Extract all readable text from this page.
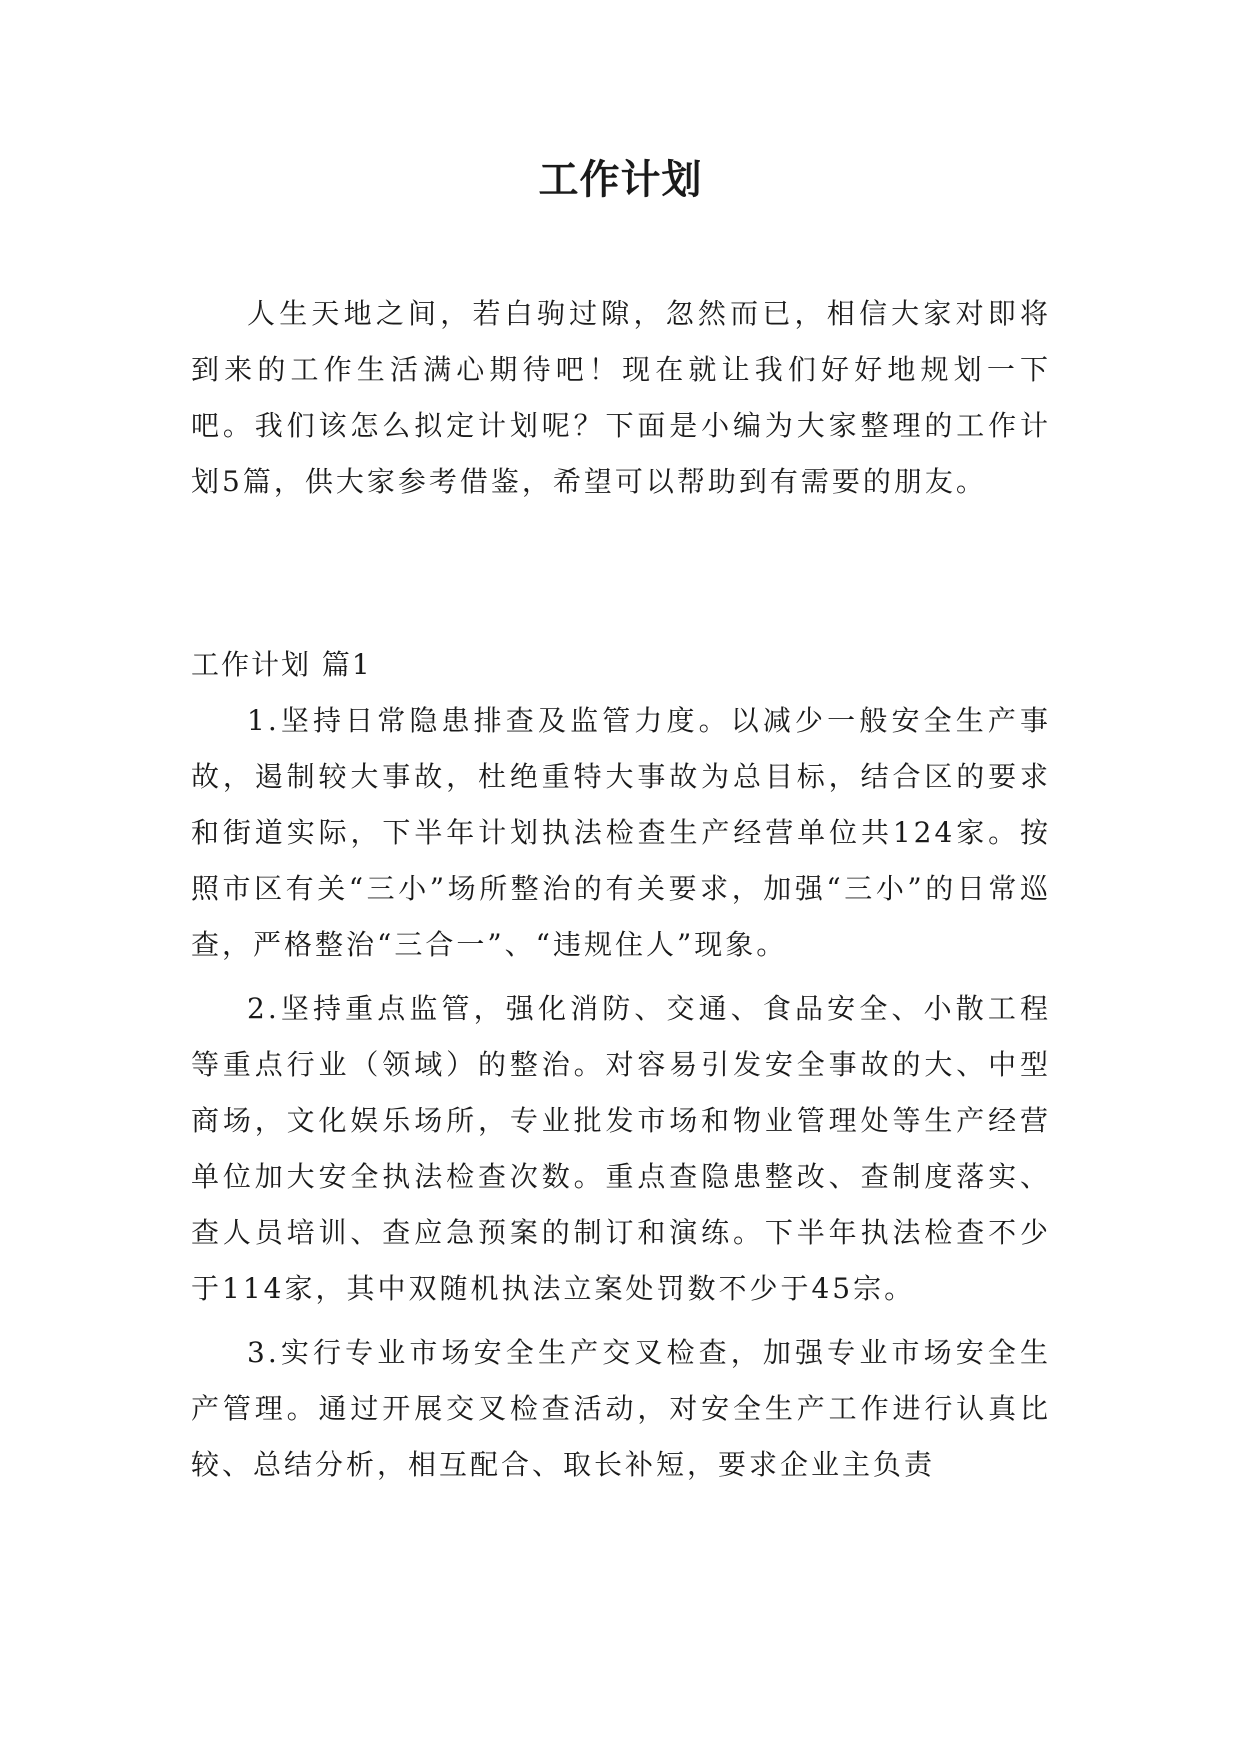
工作计划

人生天地之间，若白驹过隙，忽然而已，相信大家对即将到来的工作生活满心期待吧！现在就让我们好好地规划一下吧。我们该怎么拟定计划呢？下面是小编为大家整理的工作计划5篇，供大家参考借鉴，希望可以帮助到有需要的朋友。

工作计划 篇1

1.坚持日常隐患排查及监管力度。以减少一般安全生产事故，遏制较大事故，杜绝重特大事故为总目标，结合区的要求和街道实际，下半年计划执法检查生产经营单位共124家。按照市区有关“三小”场所整治的有关要求，加强“三小”的日常巡查，严格整治“三合一”、“违规住人”现象。

2.坚持重点监管，强化消防、交通、食品安全、小散工程等重点行业（领域）的整治。对容易引发安全事故的大、中型商场，文化娱乐场所，专业批发市场和物业管理处等生产经营单位加大安全执法检查次数。重点查隐患整改、查制度落实、查人员培训、查应急预案的制订和演练。下半年执法检查不少于114家，其中双随机执法立案处罚数不少于45宗。

3.实行专业市场安全生产交叉检查，加强专业市场安全生产管理。通过开展交叉检查活动，对安全生产工作进行认真比较、总结分析，相互配合、取长补短，要求企业主负责
